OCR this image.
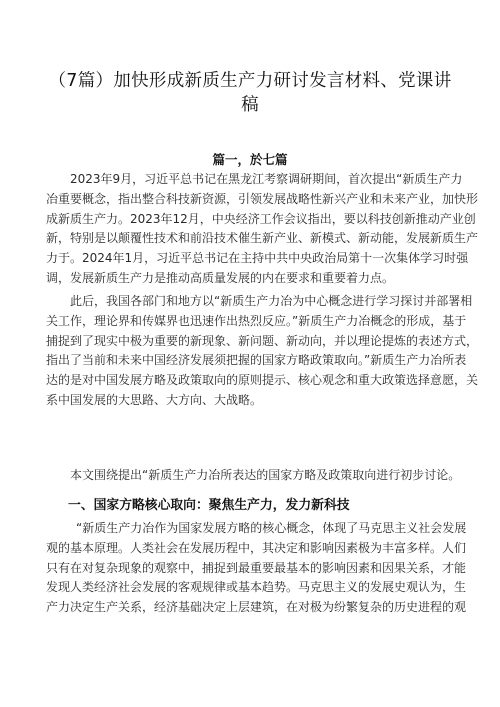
（7篇）加快形成新质生产力研讨发言材料、党课讲
稿
篇一，於七篇
2023年9月，习近平总书记在黑龙江考察调研期间，首次提出“新质生产力
冶重要概念，指出整合科技新资源，引领发展战略性新兴产业和未来产业，加快形
成新质生产力。2023年12月，中央经济工作会议指出，要以科技创新推动产业创
新，特别是以颠覆性技术和前沿技术催生新产业、新模式、新动能，发展新质生产
力于。2024年1月，习近平总书记在主持中共中央政治局第十一次集体学习时强
调，发展新质生产力是推动高质量发展的内在要求和重要着力点。
此后，我国各部门和地方以“新质生产力冶为中心概念进行学习探讨并部署相
关工作，理论界和传媒界也迅速作出热烈反应。”新质生产力冶概念的形成，基于
捕捉到了现实中极为重要的新现象、新问题、新动向，并以理论提炼的表述方式，
指出了当前和未来中国经济发展须把握的国家方略政策取向。”新质生产力冶所表
达的是对中国发展方略及政策取向的原则提示、核心观念和重大政策选择意愿，关
系中国发展的大思路、大方向、大战略。
本文围绕提出“新质生产力冶所表达的国家方略及政策取向进行初步讨论。
一、国家方略核心取向：聚焦生产力，发力新科技
“新质生产力冶作为国家发展方略的核心概念，体现了马克思主义社会发展
观的基本原理。人类社会在发展历程中，其决定和影响因素极为丰富多样。人们
只有在对复杂现象的观察中，捕捉到最重要最基本的影响因素和因果关系，才能
发现人类经济社会发展的客观规律或基本趋势。马克思主义的发展史观认为，生
产力决定生产关系，经济基础决定上层建筑，在对极为纷繁复杂的历史进程的观
